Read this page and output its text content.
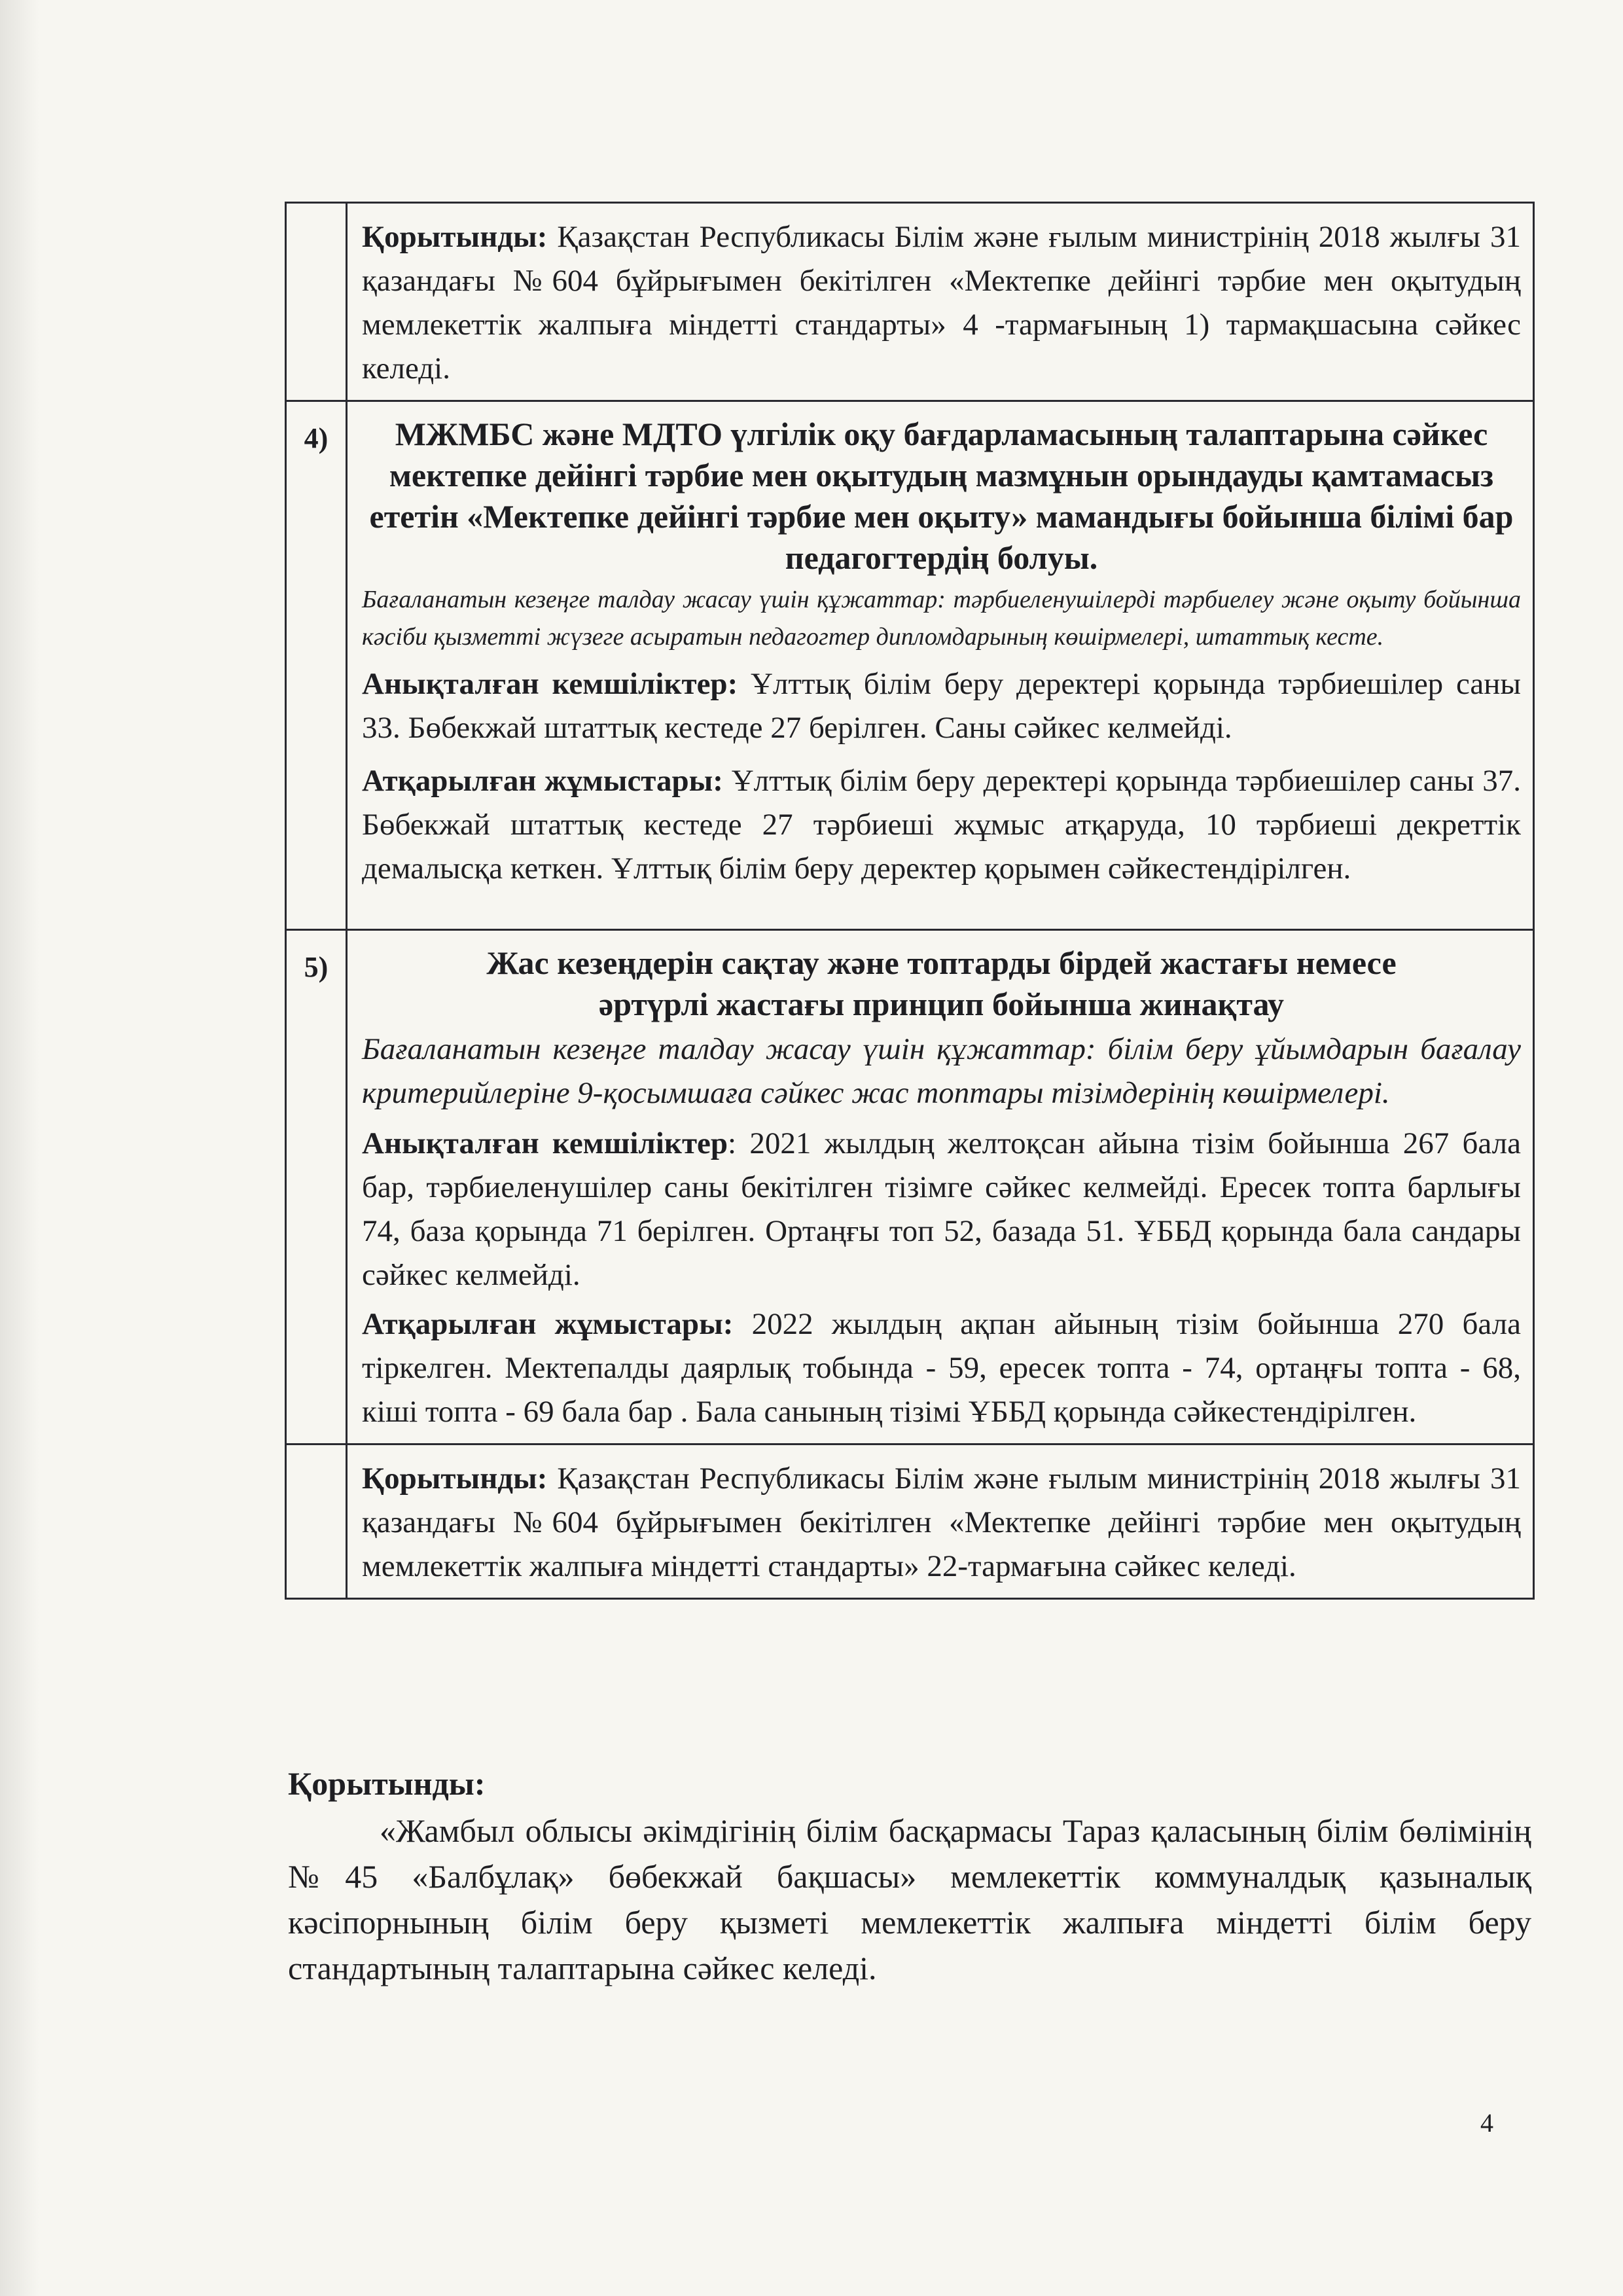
	Қорытынды: Қазақстан Республикасы Білім және ғылым министрінің 2018 жылғы 31 қазандағы №604 бұйрығымен бекітілген «Мектепке дейінгі тәрбие мен оқытудың мемлекеттік жалпыға міндетті стандарты» 4 -тармағының 1) тармақшасына сәйкес келеді.

4)	МЖМБС және МДТО үлгілік оқу бағдарламасының талаптарына сәйкес мектепке дейінгі тәрбие мен оқытудың мазмұнын орындауды қамтамасыз ететін «Мектепке дейінгі тәрбие мен оқыту» мамандығы бойынша білімі бар педагогтердің болуы.

Бағаланатын кезеңге талдау жасау үшін құжаттар: тәрбиеленушілерді тәрбиелеу және оқыту бойынша кәсіби қызметті жүзеге асыратын педагогтер дипломдарының көшірмелері, штаттық кесте.

Анықталған кемшіліктер: Ұлттық білім беру деректері қорында тәрбиешілер саны 33. Бөбекжай штаттық кестеде 27 берілген. Саны сәйкес келмейді.

Атқарылған жұмыстары: Ұлттық білім беру деректері қорында тәрбиешілер саны 37. Бөбекжай штаттық кестеде 27 тәрбиеші жұмыс атқаруда, 10 тәрбиеші декреттік демалысқа кеткен. Ұлттық білім беру деректер қорымен сәйкестендірілген.

5)	Жас кезеңдерін сақтау және топтарды бірдей жастағы немесе әртүрлі жастағы принцип бойынша жинақтау

Бағаланатын кезеңге талдау жасау үшін құжаттар: білім беру ұйымдарын бағалау критерийлеріне 9-қосымшаға сәйкес жас топтары тізімдерінің көшірмелері.

Анықталған кемшіліктер: 2021 жылдың желтоқсан айына тізім бойынша 267 бала бар, тәрбиеленушілер саны бекітілген тізімге сәйкес келмейді. Ересек топта барлығы 74, база қорында 71 берілген. Ортаңғы топ 52, базада 51. ҰББД қорында бала сандары сәйкес келмейді.

Атқарылған жұмыстары: 2022 жылдың ақпан айының тізім бойынша 270 бала тіркелген. Мектепалды даярлық тобында - 59, ересек топта - 74, ортаңғы топта - 68, кіші топта - 69 бала бар . Бала санының тізімі ҰББД қорында сәйкестендірілген.

	Қорытынды: Қазақстан Республикасы Білім және ғылым министрінің 2018 жылғы 31 қазандағы №604 бұйрығымен бекітілген «Мектепке дейінгі тәрбие мен оқытудың мемлекеттік жалпыға міндетті стандарты» 22-тармағына сәйкес келеді.

Қорытынды:

«Жамбыл облысы әкімдігінің білім басқармасы Тараз қаласының білім бөлімінің №45 «Балбұлақ» бөбекжай бақшасы» мемлекеттік коммуналдық қазыналық кәсіпорнының білім беру қызметі мемлекеттік жалпыға міндетті білім беру стандартының талаптарына сәйкес келеді.

4
